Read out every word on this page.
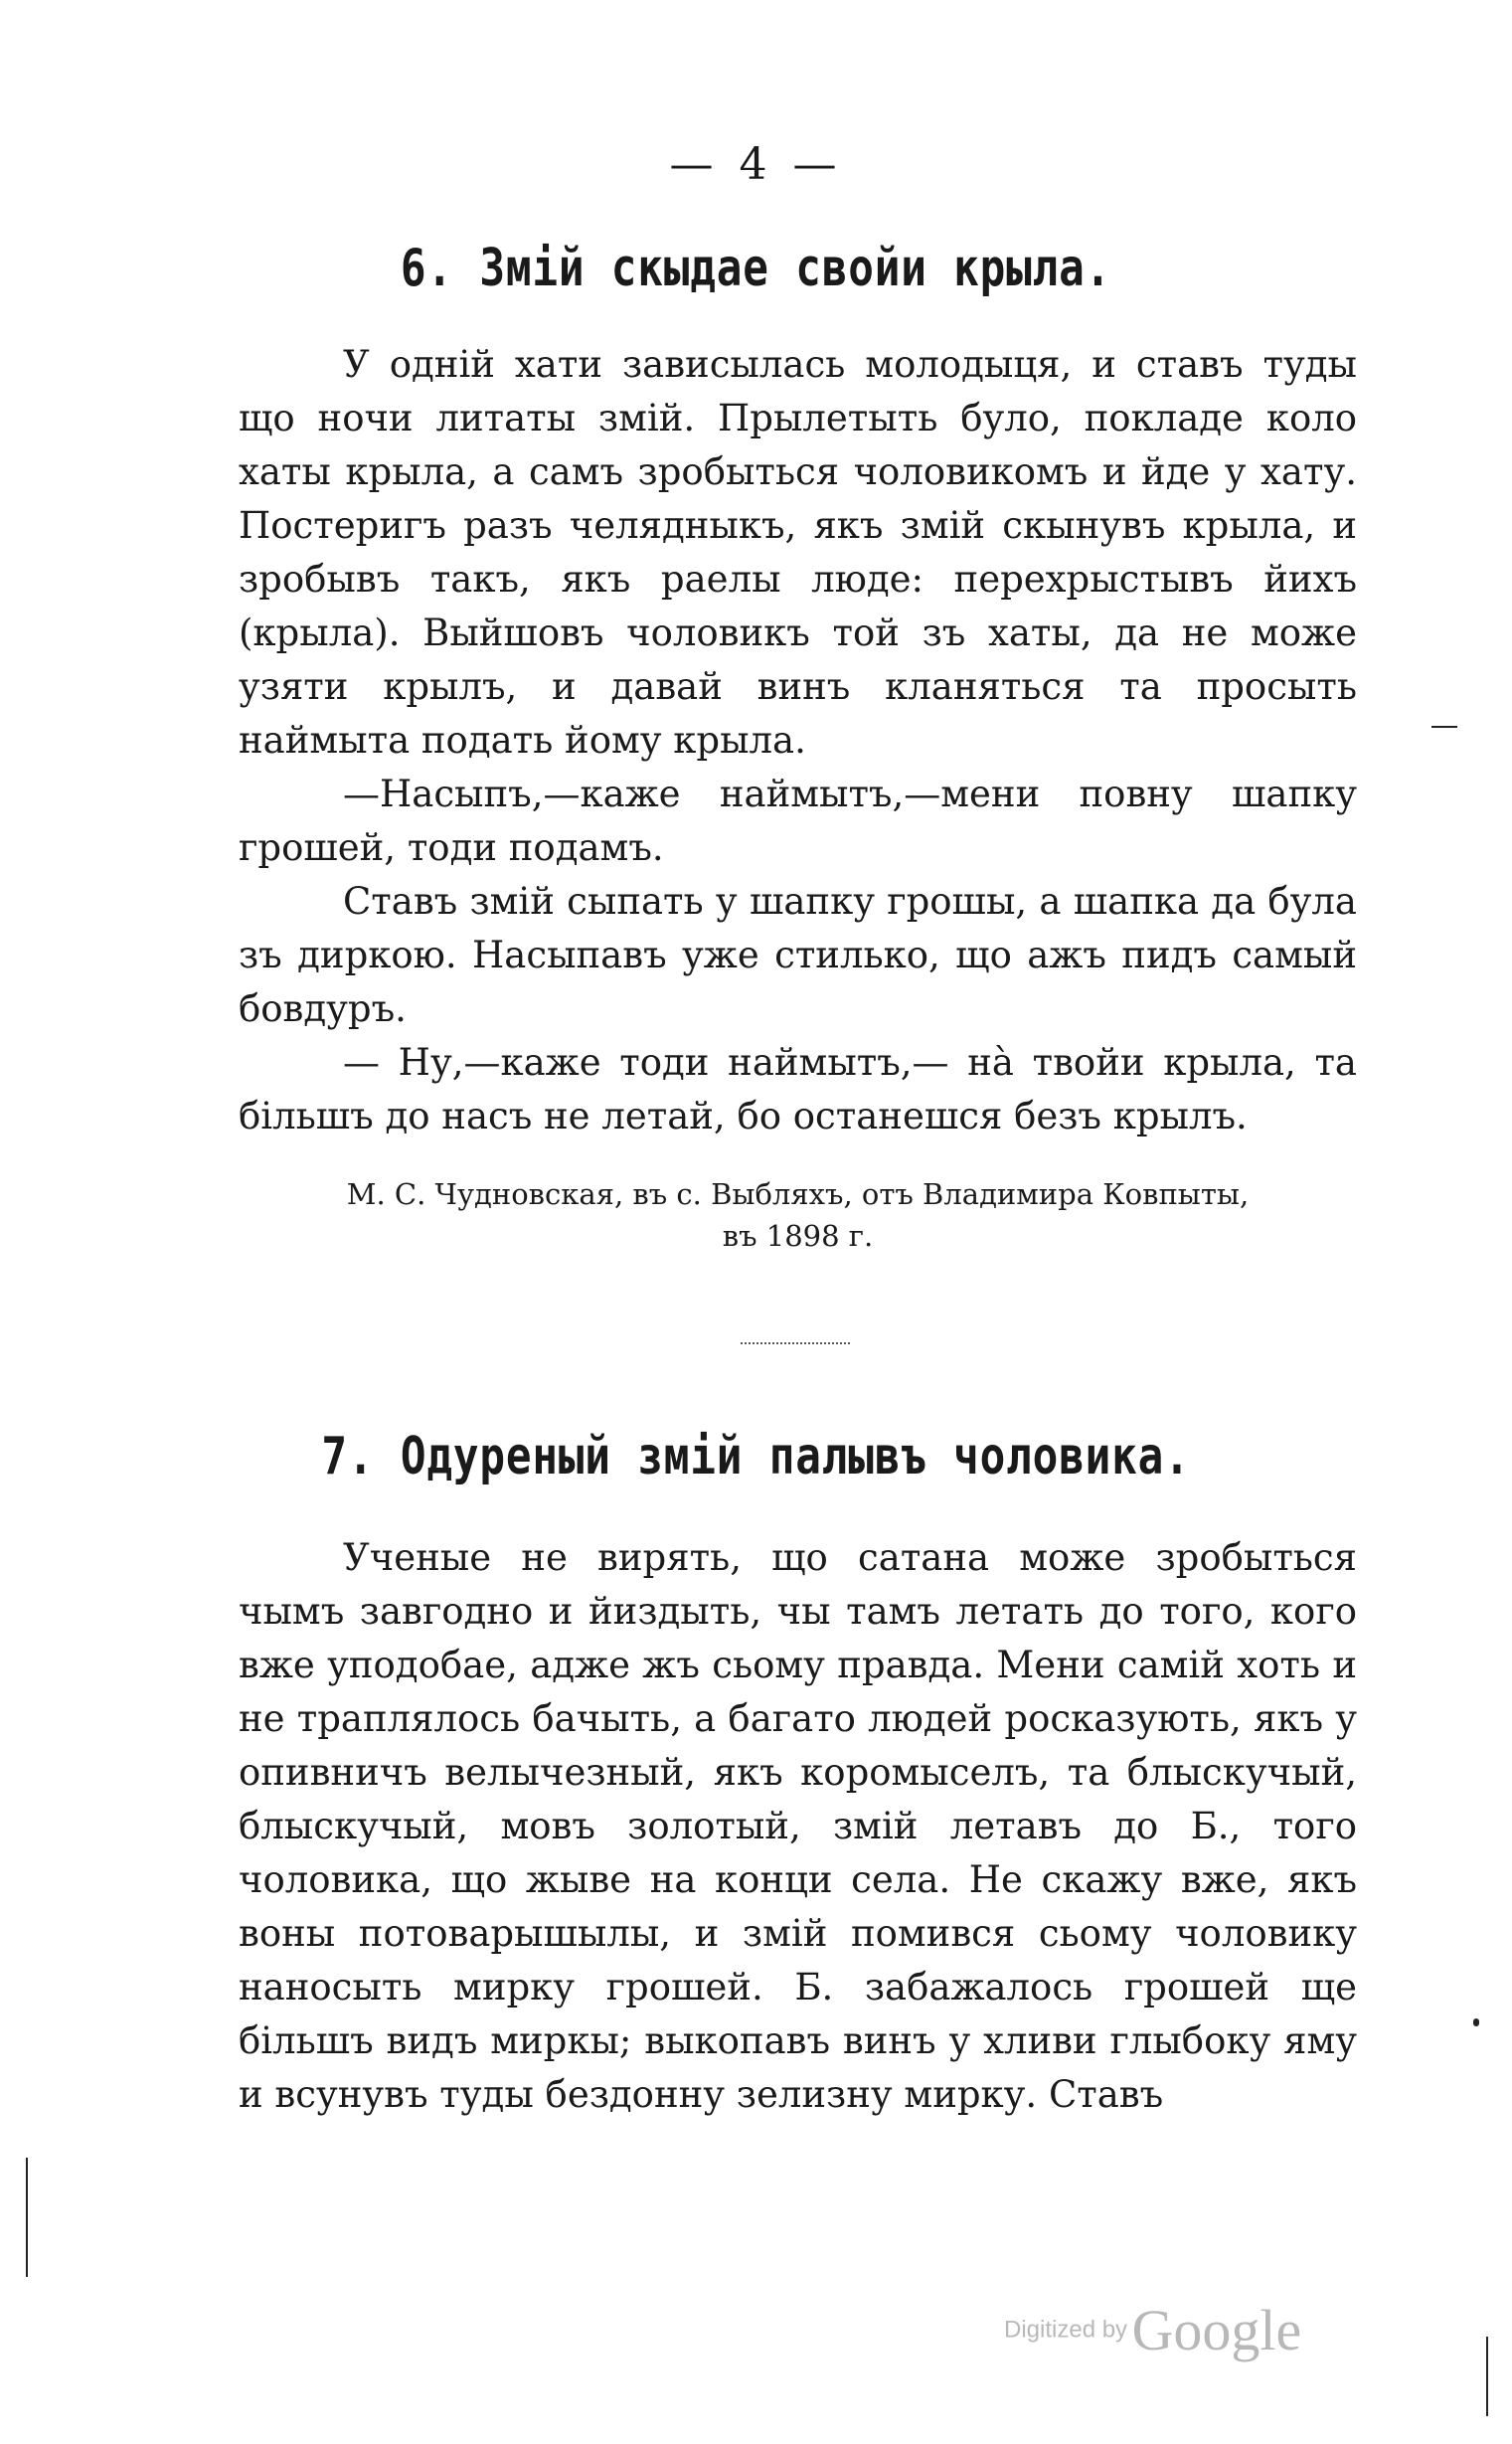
— 4 —
6. Змій скыдае свойи крыла.

У одній хати зависылась молодыця, и ставъ туды що ночи литаты змій. Прылетыть було, покладе коло хаты крыла, а самъ зробыться чоловикомъ и йде у хату. Постеригъ разъ челядныкъ, якъ змій скынувъ крыла, и зробывъ такъ, якъ раелы люде: перехрыстывъ йихъ (крыла). Выйшовъ чоловикъ той зъ хаты, да не може узяти крылъ, и давай винъ кланяться та просыть наймыта подать йому крыла.

—Насыпъ,—каже наймытъ,—мени повну шапку грошей, тоди подамъ.

Ставъ змій сыпать у шапку грошы, а шапка да була зъ диркою. Насыпавъ уже стилько, що ажъ пидъ самый бовдуръ.

— Ну,—каже тоди наймытъ,— нà твойи крыла, та більшъ до насъ не летай, бо останешся безъ крылъ.

М. С. Чудновская, въ с. Выбляхъ, отъ Владимира Ковпыты,
въ 1898 г.
7. Одуреный змій палывъ чоловика.

Ученые не вирять, що сатана може зробыться чымъ завгодно и йиздыть, чы тамъ летать до того, кого вже уподобае, адже жъ сьому правда. Мени самій хоть и не траплялось бачыть, а багато людей росказують, якъ у опивничъ велычезный, якъ коромыселъ, та блыскучый, блыскучый, мовъ золотый, змій летавъ до Б., того чоловика, що жыве на конци села. Не скажу вже, якъ воны потоварышылы, и змій помився сьому чоловику наносыть мирку грошей. Б. забажалось грошей ще більшъ видъ миркы; выкопавъ винъ у хливи глыбоку яму и всунувъ туды бездонну зелизну мирку. Ставъ

Digitized by Google
